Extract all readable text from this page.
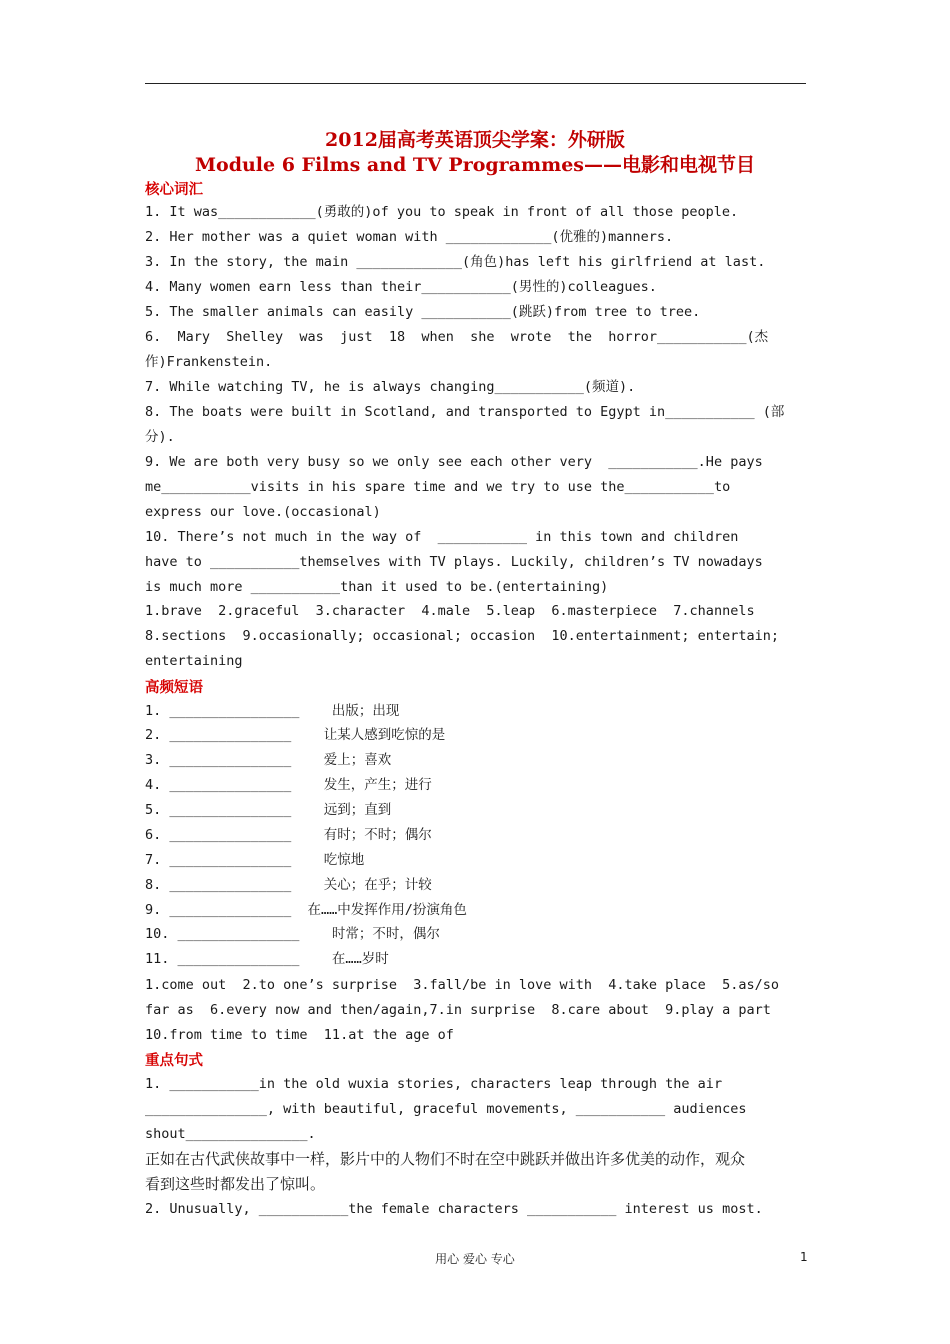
2012届高考英语顶尖学案：外研版
Module 6 Films and TV Programmes——电影和电视节目
核心词汇
1. It was____________(勇敢的)of you to speak in front of all those people.
2. Her mother was a quiet woman with _____________(优雅的)manners.
3. In the story, the main _____________(角色)has left his girlfriend at last.
4. Many women earn less than their___________(男性的)colleagues.
5. The smaller animals can easily ___________(跳跃)from tree to tree.
6.  Mary  Shelley  was  just  18  when  she  wrote  the  horror___________(杰
作)Frankenstein.
7. While watching TV, he is always changing___________(频道).
8. The boats were built in Scotland, and transported to Egypt in___________ (部
分).
9. We are both very busy so we only see each other very  ___________.He pays
me___________visits in his spare time and we try to use the___________to
express our love.(occasional)
10. There’s not much in the way of  ___________ in this town and children
have to ___________themselves with TV plays. Luckily, children’s TV nowadays
is much more ___________than it used to be.(entertaining)
1.brave  2.graceful  3.character  4.male  5.leap  6.masterpiece  7.channels
8.sections  9.occasionally; occasional; occasion  10.entertainment; entertain;
entertaining
高频短语
1. ________________    出版；出现
2. _______________    让某人感到吃惊的是
3. _______________    爱上；喜欢
4. _______________    发生，产生；进行
5. _______________    远到；直到
6. _______________    有时；不时；偶尔
7. _______________    吃惊地
8. _______________    关心；在乎；计较
9. _______________  在……中发挥作用/扮演角色
10. _______________    时常；不时，偶尔
11. _______________    在……岁时
1.come out  2.to one’s surprise  3.fall/be in love with  4.take place  5.as/so
far as  6.every now and then/again,7.in surprise  8.care about  9.play a part
10.from time to time  11.at the age of
重点句式
1. ___________in the old wuxia stories, characters leap through the air
_______________, with beautiful, graceful movements, ___________ audiences
shout_______________.
正如在古代武侠故事中一样，影片中的人物们不时在空中跳跃并做出许多优美的动作，观众
看到这些时都发出了惊叫。
2. Unusually, ___________the female characters ___________ interest us most.
用心 爱心 专心	1
